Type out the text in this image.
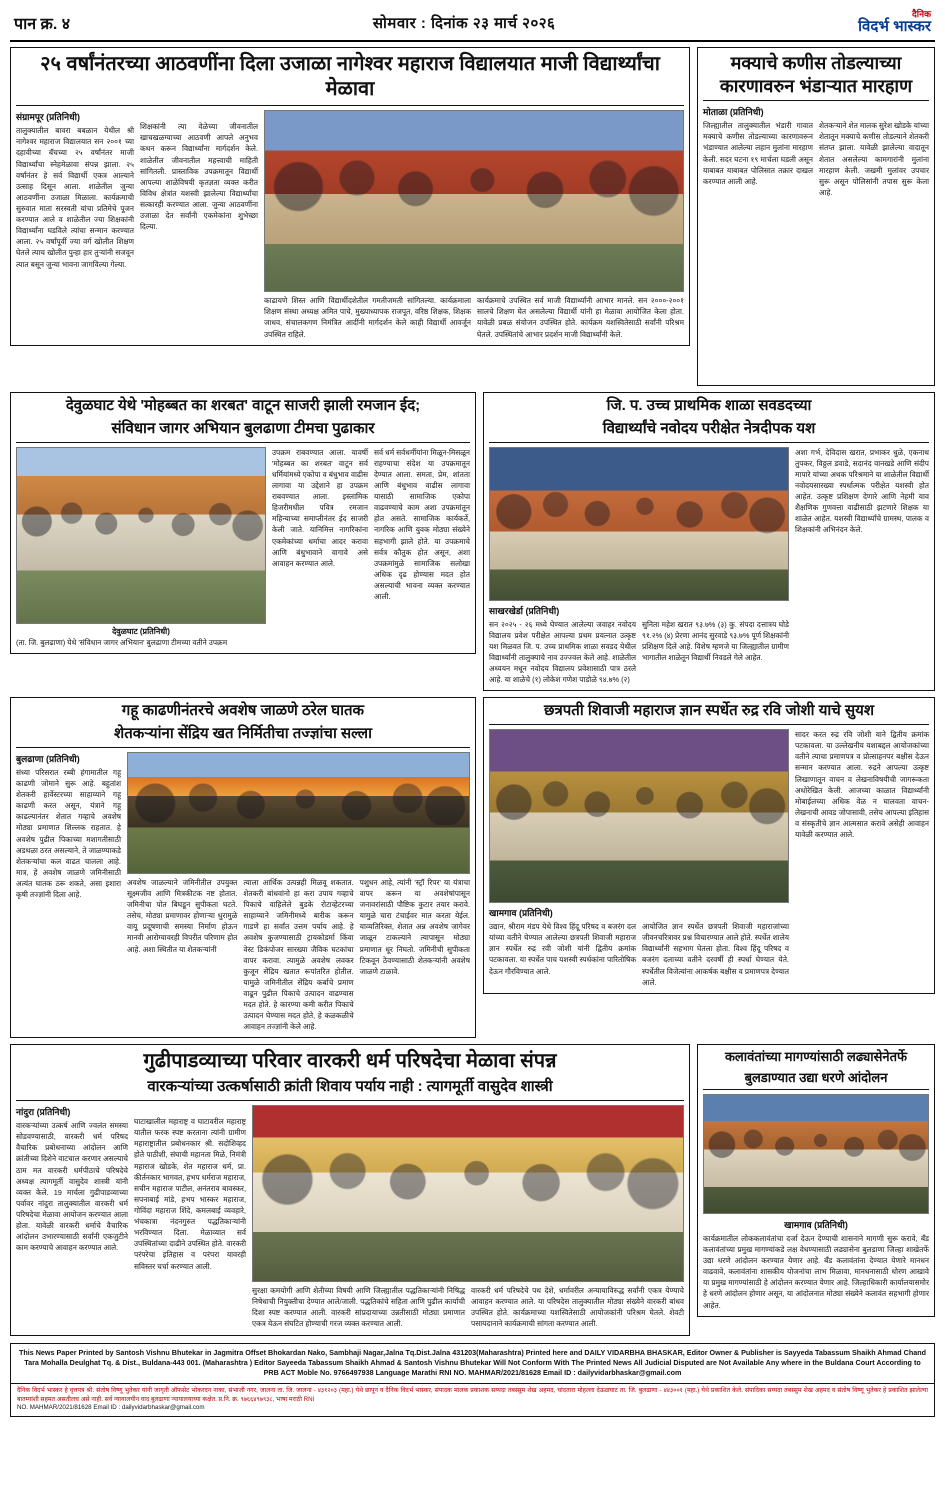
पान क्र. ४	सोमवार : दिनांक २३ मार्च २०२६
दैनिक
विदर्भ भास्कर
२५ वर्षांनंतरच्या आठवणींना दिला उजाळा नागेश्वर महाराज विद्यालयात माजी विद्यार्थ्यांचा मेळावा
संग्रामपूर (प्रतिनिधी)
तालुक्यातील बावरा बबळान येथील श्री नागेश्वर महाराज विद्यालयात सन २००१ च्या दहावीच्या बॅचच्या २५ वर्षांनंतर माजी विद्यार्थ्यांचा स्नेहमेळावा संपन्न झाला. २५ वर्षांनंतर हे सर्व विद्यार्थी एकत्र आल्याने उत्साह दिसून आला. शाळेतील जुन्या आठवणींना उजाळा मिळाला. कार्यक्रमाची सुरुवात माता सरस्वती यांचा प्रतिमेचे पूजन करण्यात आले व शाळेतील ज्या शिक्षकांनी विद्यार्थ्यांना घडविले त्यांचा सन्मान करण्यात आला. २५ वर्षांपूर्वी ज्या वर्ग खोलीत शिक्षण घेतले त्याच खोलीत पुन्हा हार तुऱ्यांनी सजवून त्यात बसून जुन्या भावना जागविल्या गेल्या.
शिक्षकांनी त्या वेळेच्या जीवनातील खाचखळग्याच्या आठवणी आपले अनुभव कथन करून विद्यार्थ्यांना मार्गदर्शन केले. शाळेतील जीवनातील महत्त्वाची माहिती सांगितली. प्रास्ताविक उपक्रमातून विद्यार्थी आपल्या शाळेविषयी कृतज्ञता व्यक्त करीत विविध क्षेत्रांत यशस्वी झालेल्या विद्यार्थ्यांचा सत्कारही करण्यात आला. जुन्या आठवणींना उजाळा देत सर्वांनी एकमेकांना शुभेच्छा दिल्या.
काढायणे शिस्त आणि विद्यार्थीदशेतील गमतीजमती सांगितल्या. कार्यक्रमाला शिक्षण संस्था अध्यक्ष अमित पाचे, मुख्याध्यापक राजपूत, वरिष्ठ शिक्षक, शिक्षक जाधव, संचालकगण निमंत्रित आदींनी मार्गदर्शन केले काही विद्यार्थी आवर्जून उपस्थित राहिले.
कार्यक्रमाचे उपस्थित सर्व माजी विद्यार्थ्यांनी आभार मानले. सन २०००-२००१ सालचे शिक्षण घेत असलेल्या विद्यार्थी यांनी हा मेळावा आयोजित केला होता. यावेळी प्रबळ संयोजन उपस्थित होते. कार्यक्रम यशस्वितेसाठी सर्वांनी परिश्रम घेतले. उपस्थितांचे आभार प्रदर्शन माजी विद्यार्थ्यांनी केले.
मक्याचे कणीस तोडल्याच्या कारणावरुन भंडाऱ्यात मारहाण
मोताळा (प्रतिनिधी)
जिल्ह्यातील तालुक्यातील भंडारी गावात मक्याचे कणीस तोडल्याच्या कारणावरून भंडाण्यात आलेल्या लहान मुलांना मारहाण केली. सदर घटना १९ मार्चला घडली असून याबाबत याबाबत पोलिसात तक्रार दाखल करण्यात आली आहे.
शेतकऱ्याने शेत मालक सुरेश खोडके यांच्या शेतातून मक्याचे कणीस तोडल्याने शेतकरी संतप्त झाला. यावेळी झालेल्या वादातून शेतात असलेल्या कामगारांनी मुलांना मारहाण केली. जखमी मुलांवर उपचार सुरू असून पोलिसांनी तपास सुरू केला आहे.
देवुळघाट येथे 'मोहब्बत का शरबत' वाटून साजरी झाली रमजान ईद;
संविधान जागर अभियान बुलढाणा टीमचा पुढाकार
देवुळघाट (प्रतिनिधी)
(ता. जि. बुलढाणा) येथे 'संविधान जागर अभियान' बुलढाणा टीमच्या वतीने उपक्रम
उपक्रम राबवण्यात आला. यावर्षी 'मोहब्बत का शरबत' वाटून सर्व धर्मियांमध्ये एकोपा व बंधुभाव वाढीस लागावा या उद्देशाने हा उपक्रम राबवण्यात आला. इस्लामिक हिजरीमधील पवित्र रमजान महिन्याच्या समाप्तीनंतर ईद साजरी केली जाते. यानिमित्त नागरिकांना एकमेकांच्या धर्माचा आदर करावा आणि बंधुभावाने वागावे असे आवाहन करण्यात आले.
सर्व धर्म सर्वधर्मीयांना मिळून-मिसळून राहण्याचा संदेश या उपक्रमातून देण्यात आला. समता, प्रेम, शांतता आणि बंधुभाव वाढीस लागावा यासाठी सामाजिक एकोपा वाढवण्याचे काम अशा उपक्रमांतून होत असते. सामाजिक कार्यकर्ते, नागरिक आणि युवक मोठ्या संख्येने सहभागी झाले होते. या उपक्रमाचे सर्वत्र कौतुक होत असून, अशा उपक्रमांमुळे सामाजिक सलोखा अधिक दृढ होण्यास मदत होत असल्याची भावना व्यक्त करण्यात आली.
जि. प. उच्च प्राथमिक शाळा सवडदच्या
विद्यार्थ्यांचे नवोदय परीक्षेत नेत्रदीपक यश
साखरखेर्डा (प्रतिनिधी)
सन २०२५ - २६ मध्ये घेण्यात आलेल्या जवाहर नवोदय विद्यालय प्रवेश परीक्षेत आपल्या प्रथम प्रयत्नात उत्कृष्ट यश मिळवत जि. प. उच्च प्राथमिक शाळा सवडद येथील विद्यार्थ्यांनी तालुक्याचे नाव उज्ज्वल केले आहे. शाळेतील अध्ययन मधून नवोदय विद्यालय प्रवेशासाठी पात्र ठरले आहे. या शाळेचे (१) लोकेश गणेश पाडोळे ९४.७% (२)
सुनिता महेश खरात ९३.७% (३) कु. संपदा दत्तात्रय घोडे ९१.२% (४) प्रेरणा आनंद सुरवाडे ९३.७% पूर्ण शिक्षकांनी प्रशिक्षण दिले आहे. विशेष म्हणजे या जिल्ह्यातील ग्रामीण भागातील शाळेतून विद्यार्थी निवडले गेले आहेत.
अशा गर्भ, देविदास खरात, प्रभाकर धुळे, एकनाथ तुपकर, विठ्ठल डवाडे, सदानंद वानखडे आणि संदीप मापारे यांच्या अथक परिश्रमाने या शाळेतील विद्यार्थी नवोदयसारख्या स्पर्धात्मक परीक्षेत यशस्वी होत आहेत. उत्कृष्ट प्रशिक्षण देणारे आणि नेहमी याव शैक्षणिक गुणवत्ता वाढीसाठी झटणारे शिक्षक या शाळेत आहेत. यशस्वी विद्यार्थ्यांचे ग्रामस्थ, पालक व शिक्षकांनी अभिनंदन केले.
गहू काढणीनंतरचे अवशेष जाळणे ठरेल घातक
शेतकऱ्यांना सेंद्रिय खत निर्मितीचा तज्ज्ञांचा सल्ला
बुलढाणा (प्रतिनिधी)
संध्या परिसरात रब्बी हंगामातील गहू काढणी जोमाने सुरू आहे. बहुतांश शेतकरी हार्वेस्टरच्या साहाय्याने गहू काढणी करत असून, यंत्राने गहू काढल्यानंतर शेतात गव्हाचे अवशेष मोठ्या प्रमाणात शिल्लक राहतात. हे अवशेष पुढील पिकाच्या मशागतीसाठी अडथळा ठरत असल्याने, ते जाळण्याकडे शेतकऱ्यांचा कल वाढत चालला आहे. मात्र, हे अवशेष जाळणे जमिनीसाठी अत्यंत घातक ठरू शकते, असा इशारा कृषी तज्ज्ञांनी दिला आहे.
अवशेष जाळल्याने जमिनीतील उपयुक्त सूक्ष्मजीव आणि मित्रकीटक नष्ट होतात. जमिनीचा पोत बिघडून सुपीकता घटते. तसेच, मोठ्या प्रमाणावर होणाऱ्या धुरामुळे वायू प्रदूषणाची समस्या निर्माण होऊन मानवी आरोग्यावरही विपरीत परिणाम होत आहे. अशा स्थितीत या शेतकऱ्यांनी
त्याला आर्थिक उत्पन्नही मिळवू शकतात. शेतकरी बांधवांनो हा करा उपाय गव्हाचे पिकाचे वाहिलेले बुडके रोटाव्हेटरच्या साहाय्याने जमिनीमध्ये बारीक करून गाडणे हा सर्वांत उत्तम पर्याय आहे. हे अवशेष कुजण्यासाठी ट्रायकोडर्मा किंवा वेस्ट डिकंपोजर सारख्या जैविक घटकांचा वापर करावा. त्यामुळे अवशेष लवकर कुजून सेंद्रिय खतात रूपांतरित होतील. यामुळे जमिनीतील सेंद्रिय कर्बाचे प्रमाण वाढून पुढील पिकाचे उत्पादन वाढण्यास मदत होते. हे कारण्या कमी करीत पिकाचे उत्पादन घेण्यास मदत होते, हे कळकळीचे आवाहन तज्ज्ञांनी केले आहे.
पशुधन आहे, त्यांनी 'स्ट्रॉ रिपर' या यंत्राचा वापर करून या अवशेषांपासून जनावरांसाठी पौष्टिक कुटार तयार करावे. यामुळे चारा टंचाईवर मात करता येईल. याव्यतिरिक्त, शेतात अन्न अवशेष जागेवर जाळून टाकल्याने त्यापासून मोठ्या प्रमाणात धूर निघतो. जमिनीची सुपीकता टिकवून ठेवण्यासाठी शेतकऱ्यांनी अवशेष जाळणे टाळावे.
छत्रपती शिवाजी महाराज ज्ञान स्पर्धेत रुद्र रवि जोशी याचे सुयश
खामगाव (प्रतिनिधी)
उद्यान, श्रीराम मंडप येथे विश्व हिंदू परिषद व बजरंग दल यांच्या वतीने घेण्यात आलेल्या छत्रपती शिवाजी महाराज ज्ञान स्पर्धेत रुद्र रवी जोशी यांनी द्वितीय क्रमांक पटकावला. या स्पर्धेत पाच यशस्वी स्पर्धकांना पारितोषिक देऊन गौरविण्यात आले.
आयोजित ज्ञान स्पर्धेत छत्रपती शिवाजी महाराजांच्या जीवनचरित्रावर प्रश्न विचारण्यात आले होते. स्पर्धेत शालेय विद्यार्थ्यांनी सहभाग घेतला होता. विश्व हिंदू परिषद व बजरंग दलाच्या वतीने दरवर्षी ही स्पर्धा घेण्यात येते. स्पर्धेतील विजेत्यांना आकर्षक बक्षीस व प्रमाणपत्र देण्यात आले.
सादर करत रुद्र रवि जोशी याने द्वितीय क्रमांक पटकावला. या उल्लेखनीय यशाबद्दल आयोजकांच्या वतीने त्याचा प्रमाणपत्र व प्रोत्साहनपर बक्षीस देऊन सन्मान करण्यात आला. रुद्रने आपल्या उत्कृष्ट लिखाणातून वाचन व लेखनाविषयीची जागरूकता अधोरेखित केली. आजच्या काळात विद्यार्थ्यांनी मोबाईलच्या अधिक वेळ न घालवता वाचन-लेखनाची आवड जोपासावी, तसेच आपल्या इतिहास व संस्कृतीचे ज्ञान आत्मसात करावे असेही आवाहन यावेळी करण्यात आले.
गुढीपाडव्याच्या परिवार वारकरी धर्म परिषदेचा मेळावा संपन्न
वारकऱ्यांच्या उत्कर्षासाठी क्रांती शिवाय पर्याय नाही : त्यागमूर्ती वासुदेव शास्त्री
नांदुरा (प्रतिनिधी)
वारकऱ्यांच्या उत्कर्ष आणि ज्वलंत समस्या सोडवण्यासाठी, वारकरी धर्म परिषद वैचारिक प्रबोधनाच्या आंदोलन आणि क्रांतीच्या दिशेने वाटचाल करणार असल्याचे ठाम मत वारकरी धर्मपीठाचे परिषदेचे अध्यक्ष त्यागमूर्ती वासुदेव शास्त्री यांनी व्यक्त केले. 19 मार्चला गुढीपाडव्याच्या पर्वावर नांदुरा तालुक्यातील वारकरी धर्म परिषदेचा मेळावा आयोजन करण्यात आला होता. यावेळी वारकरी धर्माचे वैचारिक आंदोलन उभारण्यासाठी सर्वांनी एकजुटीने काम करण्याचे आवाहन करण्यात आले.
घाटाखालील महाराष्ट्र व घाटावरील महाराष्ट्र यातील फरक स्पष्ट करताना त्यांनी ग्रामीण महाराष्ट्रातील प्रबोधनकार श्री. सदोशिव्हद होते पाठीशी, संघाची महानता मिळे, निमंत्री महाराज खोडके, शेत महाराज धर्म, प्रा. कीर्तनकार भागवत, हभप धर्मराज महाराज, सचीन महाराज पाटील, अनंतराव बावस्कर, सपनाबाई मांडे, हभप भास्कर महाराज, गोविंदा महाराज शिंदे, कमलबाई व्यवहारे, भंचकात्रा नंदनगुरुत पद्धतिकाऱ्यांनी भरविण्यात दिला. मेळाव्यात सर्व उपस्थितांच्या दाढीने उपस्थित होते. वारकरी परंपरेचा इतिहास व परंपरा यावरही सविस्तर चर्चा करण्यात आली.
सुरक्षा कमयोगी आणि शेतीच्या विषयी आणि जिल्ह्यातील पद्धतिकाऱ्यांनी निषिद्ध निषेधाची नियुक्तीचा देण्यात आले/जाली. पद्धतिकांचे सहिता आणि पुढील कार्याची दिशा स्पष्ट करण्यात आली. वारकरी सांप्रदायाच्या उन्नतीसाठी मोठ्या प्रमाणात एकत्र येऊन संघटित होण्याची गरज व्यक्त करण्यात आली.
वारकरी धर्म परिषदेचे पथ देशे, धर्मावरील अन्यायाविरुद्ध सर्वांनी एकत्र येण्याचे आवाहन करण्यात आले. या परिषदेस तालुक्यातील मोठ्या संख्येने वारकरी बांधव उपस्थित होते. कार्यक्रमाच्या यशस्वितेसाठी आयोजकांनी परिश्रम घेतले. शेवटी पसायदानाने कार्यक्रमाची सांगता करण्यात आली.
कलावंतांच्या मागण्यांसाठी लढ्यासेनेतर्फे
बुलडाण्यात उद्या धरणे आंदोलन
खामगाव (प्रतिनिधी)
कार्यक्रमातील लोककलावंतांचा दर्जा देऊन देण्याची शासनाने मागणी सुरू करावे, बँड कलावंतांच्या प्रमुख मागण्यांकडे लक्ष वेधण्यासाठी लढ्यासेना बुलडाणा जिल्हा शाखेतर्फे उद्या धरणे आंदोलन करण्यात येणार आहे. बँड कलावंतांना देण्यात येणारे मानधन वाढवावे, कलावंतांना शासकीय योजनांचा लाभ मिळावा, मानधनासाठी धोरण आखावे या प्रमुख मागण्यांसाठी हे आंदोलन करण्यात येणार आहे. जिल्हाधिकारी कार्यालयासमोर हे धरणे आंदोलन होणार असून, या आंदोलनात मोठ्या संख्येने कलावंत सहभागी होणार आहेत.
This News Paper Printed by Santosh Vishnu Bhutekar in Jagmitra Offset Bhokardan Nako, Sambhaji Nagar,Jalna Tq.Dist.Jalna 431203(Maharashtra) Printed here and DAILY VIDARBHA BHASKAR, Editor Owner & Publisher is Sayyeda Tabassum Shaikh Ahmad Chand Tara Mohalla Deulghat Tq. & Dist., Buldana-443 001. (Maharashtra ) Editor Sayeeda Tabassum Shaikh Ahmad & Santosh Vishnu Bhutekar Will Not Conform With The Printed News All Judicial Disputed are Not Available Any where in the Buldana Court According to PRB ACT Moble No. 9766497938 Language Marathi RNI NO. MAHMAR/2021/81628 Email ID : dailyvidarbhaskar@gmail.com
दैनिक विदर्भ भास्कर हे वृत्तपत्र श्री. संतोष विष्णू भुतेकर यांनी जागृती ऑफसेट भोकरदन नाका, संभाजी नगर, जालना ता. जि. जालना - ४३१२०३ (महा.) येथे छापून व दैनिक विदर्भ भास्कर, संपादक मालक प्रकाशक सय्यदा तबस्सुम शेख अहमद, चांदतारा मोहल्ला देऊळघाट ता. जि. बुलढाणा - ४४३००१ (महा.) येथे प्रकाशित केले. संपादिका सय्यदा तबस्सुम शेख अहमद व संतोष विष्णू भुतेकर हे प्रकाशित झालेल्या बातम्यांशी सहमत असतीलच असे नाही. सर्व न्यायालयीन वाद बुलढाणा न्यायालयाच्या कक्षेत. प्र.नि. क्र. ९७६६४९७९३८, भाषा मराठी RNI
NO. MAHMAR/2021/81628 Email ID : dailyvidarbhaskar@gmail.com
